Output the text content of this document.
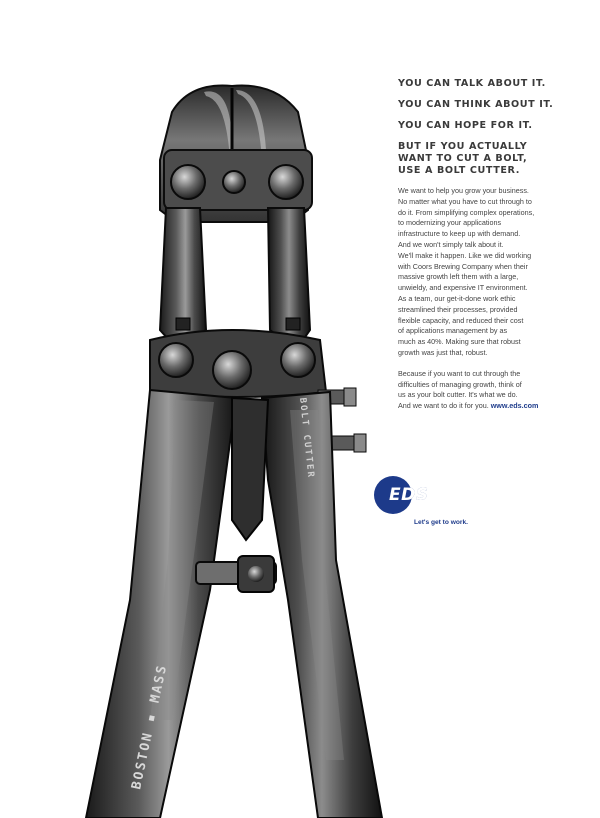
BOSTON ▪ MASS
BOLT CUTTER
YOU CAN TALK ABOUT IT.
YOU CAN THINK ABOUT IT.
YOU CAN HOPE FOR IT.
BUT IF YOU ACTUALLY
WANT TO CUT A BOLT,
USE A BOLT CUTTER.

We want to help you grow your business.
No matter what you have to cut through to
do it. From simplifying complex operations,
to modernizing your applications
infrastructure to keep up with demand.
And we won't simply talk about it.
We'll make it happen. Like we did working
with Coors Brewing Company when their
massive growth left them with a large,
unwieldy, and expensive IT environment.
As a team, our get-it-done work ethic
streamlined their processes, provided
flexible capacity, and reduced their cost
of applications management by as
much as 40%. Making sure that robust
growth was just that, robust.

Because if you want to cut through the
difficulties of managing growth, think of
us as your bolt cutter. It's what we do.
And we want to do it for you. www.eds.com

EDS
Let's get to work.
